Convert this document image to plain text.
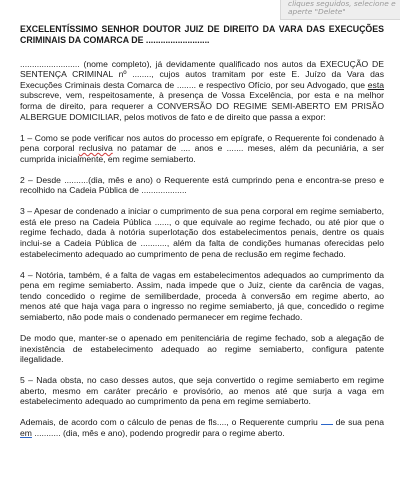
cliques seguidos, selecione e
aperte "Delete"
EXCELENTÍSSIMO SENHOR DOUTOR JUIZ DE DIREITO DA VARA DAS EXECUÇÕES CRIMINAIS DA COMARCA DE ..........................
......................... (nome completo), já devidamente qualificado nos autos da EXECUÇÃO DE SENTENÇA CRIMINAL nº ........, cujos autos tramitam por este E. Juízo da Vara das Execuções Criminais desta Comarca de ........ e respectivo Ofício, por seu Advogado, que esta subscreve, vem, respeitosamente, à presença de Vossa Excelência, por esta e na melhor forma de direito, para requerer a CONVERSÃO DO REGIME SEMI-ABERTO EM PRISÃO ALBERGUE DOMICILIAR, pelos motivos de fato e de direito que passa a expor:
1 – Como se pode verificar nos autos do processo em epígrafe, o Requerente foi condenado à pena corporal reclusiva no patamar de .... anos e ....... meses, além da pecuniária, a ser cumprida inicialmente, em regime semiaberto.
2 – Desde ..........(dia, mês e ano) o Requerente está cumprindo pena e encontra-se preso e recolhido na Cadeia Pública de ...................
3 – Apesar de condenado a iniciar o cumprimento de sua pena corporal em regime semiaberto, está ele preso na Cadeia Pública ......, o que equivale ao regime fechado, ou até pior que o regime fechado, dada à notória superlotação dos estabelecimentos penais, dentre os quais inclui-se a Cadeia Pública de ..........., além da falta de condições humanas oferecidas pelo estabelecimento adequado ao cumprimento de pena de reclusão em regime fechado.
4 – Notória, também, é a falta de vagas em estabelecimentos adequados ao cumprimento da pena em regime semiaberto. Assim, nada impede que o Juiz, ciente da carência de vagas, tendo concedido o regime de semiliberdade, proceda à conversão em regime aberto, ao menos até que haja vaga para o ingresso no regime semiaberto, já que, concedido o regime semiaberto, não pode mais o condenado permanecer em regime fechado.
De modo que, manter-se o apenado em penitenciária de regime fechado, sob a alegação de inexistência de estabelecimento adequado ao regime semiaberto, configura patente ilegalidade.
5 – Nada obsta, no caso desses autos, que seja convertido o regime semiaberto em regime aberto, mesmo em caráter precário e provisório, ao menos até que surja a vaga em estabelecimento adequado ao cumprimento da pena em regime semiaberto.
Ademais, de acordo com o cálculo de penas de fls...., o Requerente cumpriu  de sua pena em ........... (dia, mês e ano), podendo progredir para o regime aberto.
